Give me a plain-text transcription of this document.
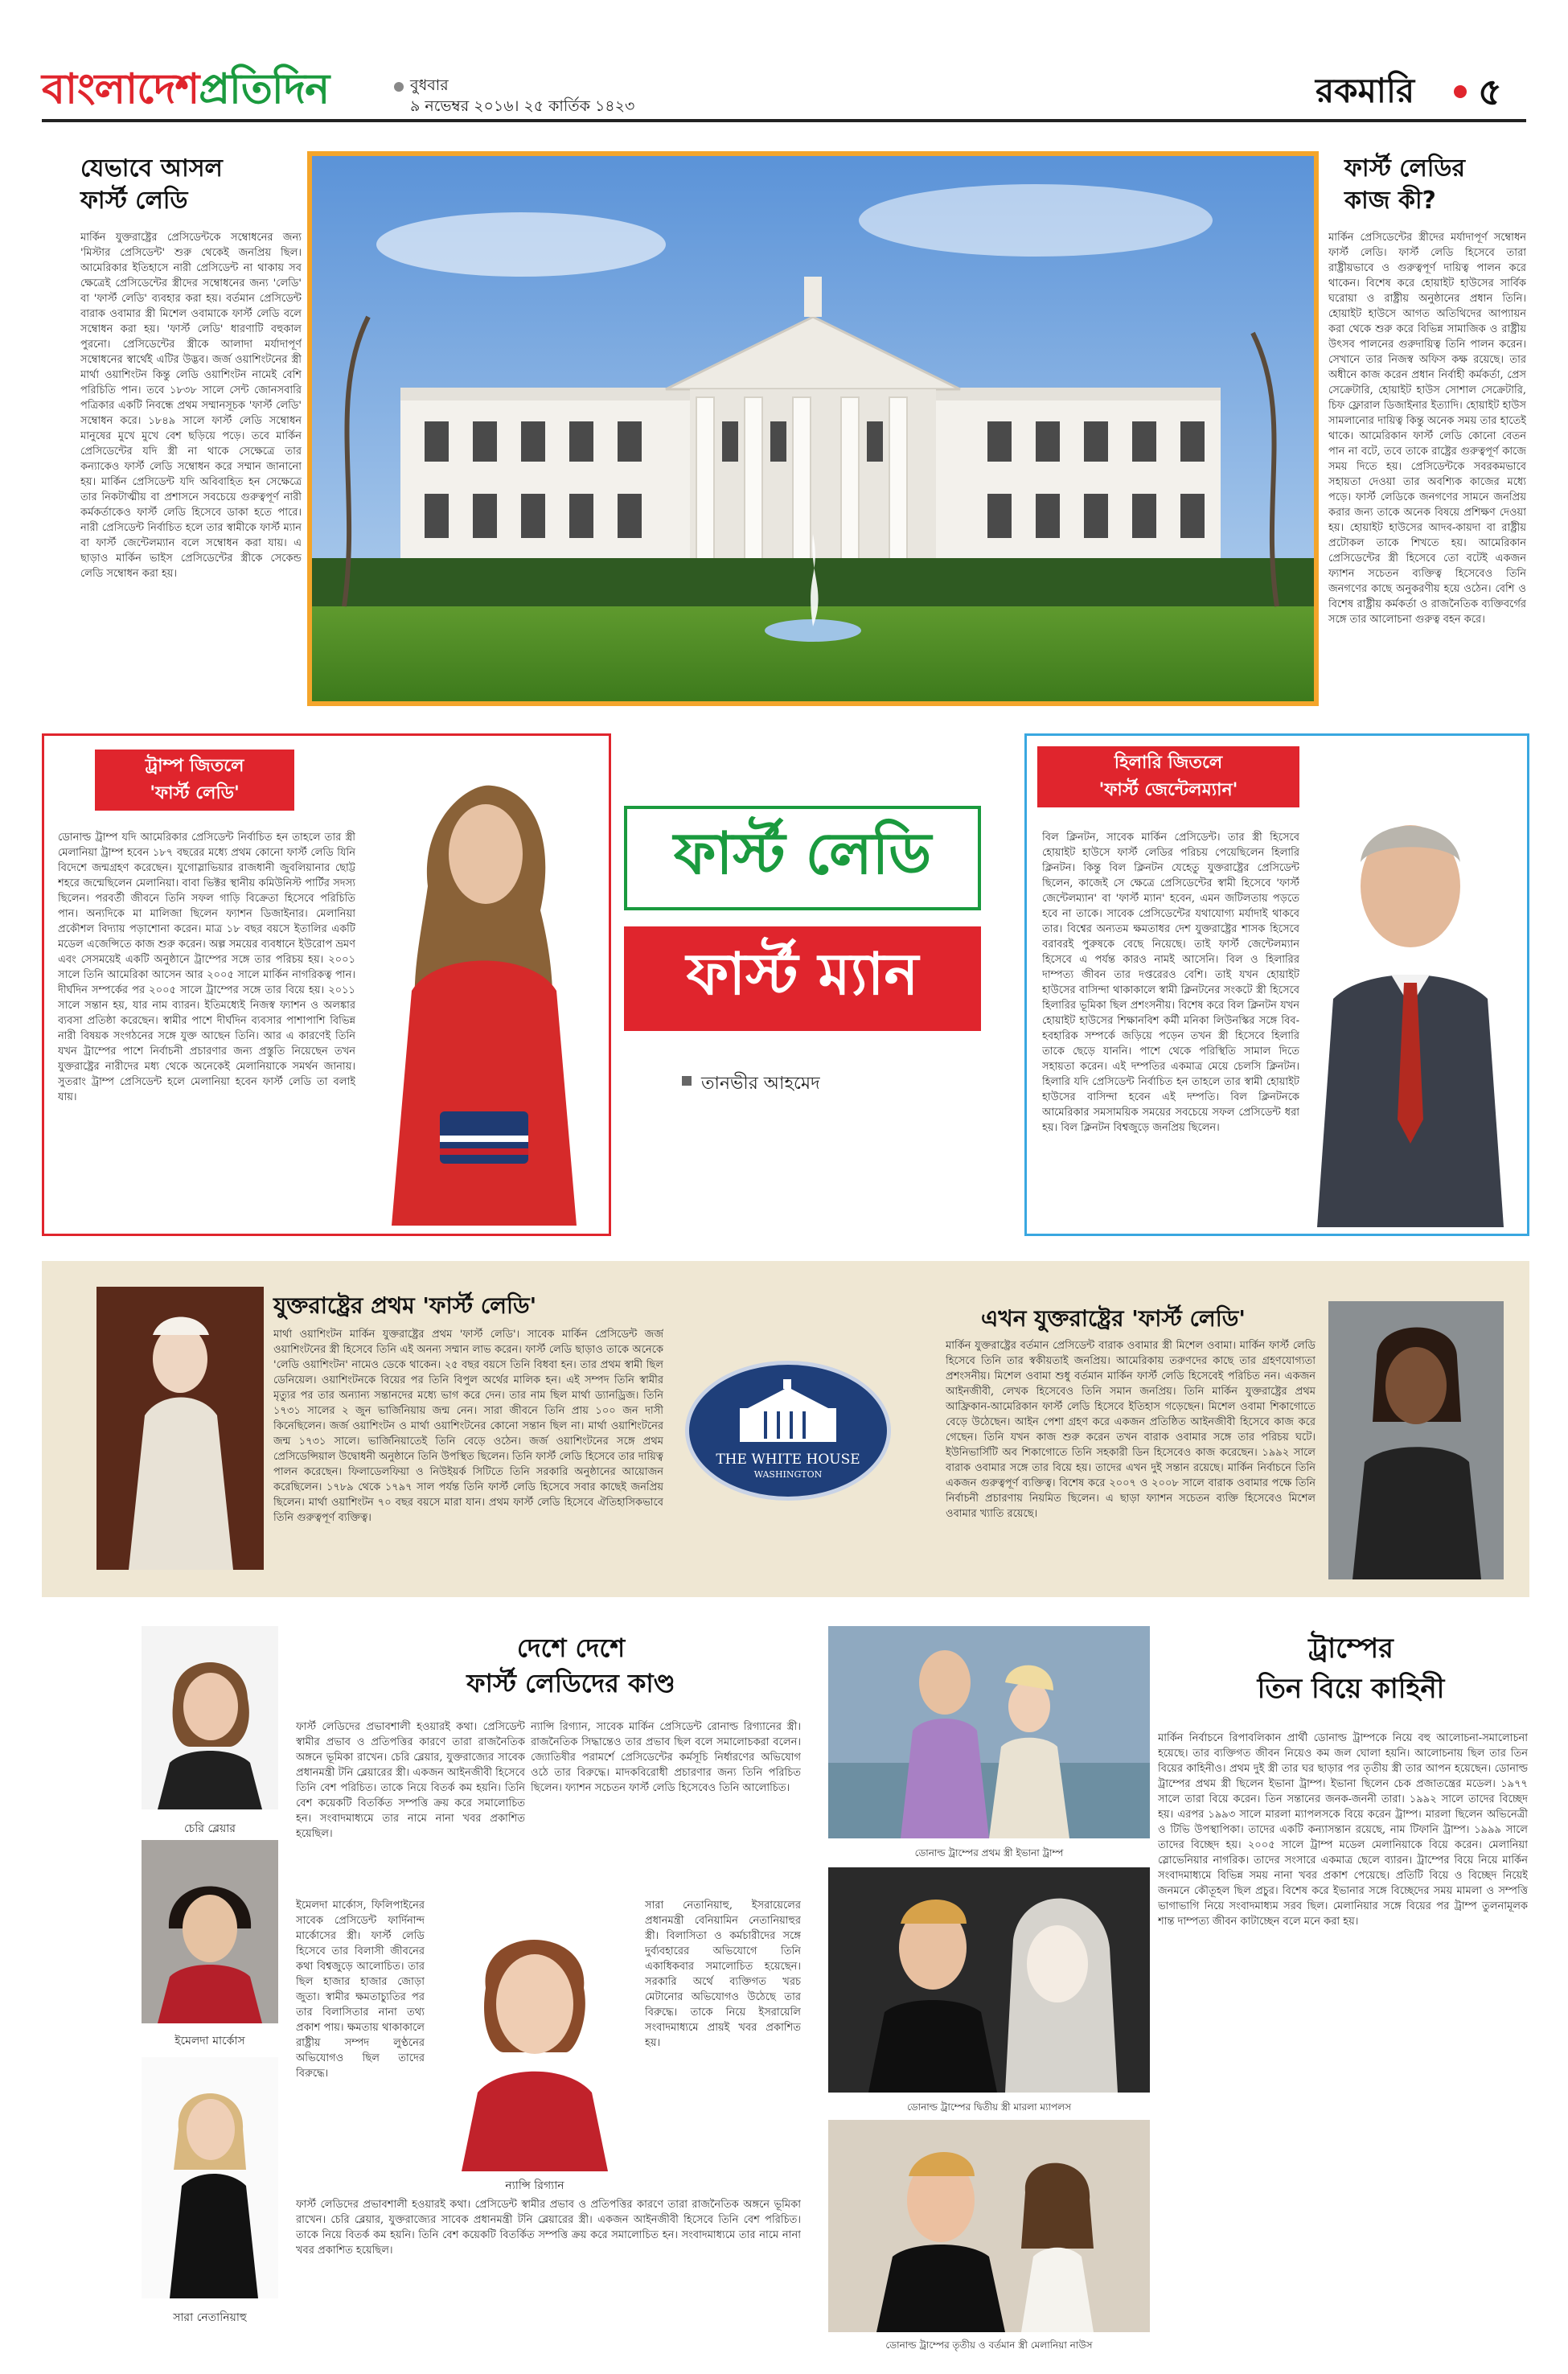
বাংলাদেশপ্রতিদিন	বুধবার
৯ নভেম্বর ২০১৬। ২৫ কার্তিক ১৪২৩	রকমারি ৫
যেভাবে আসল ফার্স্ট লেডি
মার্কিন যুক্তরাষ্ট্রের প্রেসিডেন্টকে সম্বোধনের জন্য 'মিস্টার প্রেসিডেন্ট' শুরু থেকেই জনপ্রিয় ছিল। আমেরিকার ইতিহাসে নারী প্রেসিডেন্ট না থাকায় সব ক্ষেত্রেই প্রেসিডেন্টের স্ত্রীদের সম্বোধনের জন্য 'লেডি' বা 'ফার্স্ট লেডি' ব্যবহার করা হয়। বর্তমান প্রেসিডেন্ট বারাক ওবামার স্ত্রী মিশেল ওবামাকে ফার্স্ট লেডি বলে সম্বোধন করা হয়। 'ফার্স্ট লেডি' ধারণাটি বহুকাল পুরনো। প্রেসিডেন্টের স্ত্রীকে আলাদা মর্যাদাপূর্ণ সম্বোধনের স্বার্থেই এটির উদ্ভব। জর্জ ওয়াশিংটনের স্ত্রী মার্থা ওয়াশিংটন কিন্তু লেডি ওয়াশিংটন নামেই বেশি পরিচিতি পান। তবে ১৮৩৮ সালে সেন্ট জোনসবারি পত্রিকার একটি নিবন্ধে প্রথম সম্মানসূচক 'ফার্স্ট লেডি' সম্বোধন করে। ১৮৪৯ সালে ফার্স্ট লেডি সম্বোধন মানুষের মুখে মুখে বেশ ছড়িয়ে পড়ে। তবে মার্কিন প্রেসিডেন্টের যদি স্ত্রী না থাকে সেক্ষেত্রে তার কন্যাকেও ফার্স্ট লেডি সম্বোধন করে সম্মান জানানো হয়। মার্কিন প্রেসিডেন্ট যদি অবিবাহিত হন সেক্ষেত্রে তার নিকটাত্মীয় বা প্রশাসনে সবচেয়ে গুরুত্বপূর্ণ নারী কর্মকর্তাকেও ফার্স্ট লেডি হিসেবে ডাকা হতে পারে। নারী প্রেসিডেন্ট নির্বাচিত হলে তার স্বামীকে ফার্স্ট ম্যান বা ফার্স্ট জেন্টেলম্যান বলে সম্বোধন করা যায়। এ ছাড়াও মার্কিন ভাইস প্রেসিডেন্টের স্ত্রীকে সেকেন্ড লেডি সম্বোধন করা হয়।
ফার্স্ট লেডির কাজ কী?
মার্কিন প্রেসিডেন্টের স্ত্রীদের মর্যাদাপূর্ণ সম্বোধন ফার্স্ট লেডি। ফার্স্ট লেডি হিসেবে তারা রাষ্ট্রীয়ভাবে ও গুরুত্বপূর্ণ দায়িত্ব পালন করে থাকেন। বিশেষ করে হোয়াইট হাউসের সার্বিক ঘরোয়া ও রাষ্ট্রীয় অনুষ্ঠানের প্রধান তিনি। হোয়াইট হাউসে আগত অতিথিদের আপ্যায়ন করা থেকে শুরু করে বিভিন্ন সামাজিক ও রাষ্ট্রীয় উৎসব পালনের গুরুদায়িত্ব তিনি পালন করেন। সেখানে তার নিজস্ব অফিস কক্ষ রয়েছে। তার অধীনে কাজ করেন প্রধান নির্বাহী কর্মকর্তা, প্রেস সেক্রেটারি, হোয়াইট হাউস সোশাল সেক্রেটারি, চিফ ফ্লোরাল ডিজাইনার ইত্যাদি। হোয়াইট হাউস সামলানোর দায়িত্ব কিন্তু অনেক সময় তার হাতেই থাকে। আমেরিকান ফার্স্ট লেডি কোনো বেতন পান না বটে, তবে তাকে রাষ্ট্রের গুরুত্বপূর্ণ কাজে সময় দিতে হয়। প্রেসিডেন্টকে সবরকমভাবে সহায়তা দেওয়া তার অবশ্যিক কাজের মধ্যে পড়ে। ফার্স্ট লেডিকে জনগণের সামনে জনপ্রিয় করার জন্য তাকে অনেক বিষয়ে প্রশিক্ষণ দেওয়া হয়। হোয়াইট হাউসের আদব-কায়দা বা রাষ্ট্রীয় প্রটোকল তাকে শিখতে হয়। আমেরিকান প্রেসিডেন্টের স্ত্রী হিসেবে তো বটেই একজন ফ্যাশন সচেতন ব্যক্তিত্ব হিসেবেও তিনি জনগণের কাছে অনুকরণীয় হয়ে ওঠেন। বেশি ও বিশেষ রাষ্ট্রীয় কর্মকর্তা ও রাজনৈতিক ব্যক্তিবর্গের সঙ্গে তার আলোচনা গুরুত্ব বহন করে।
ট্রাম্প জিতলে
'ফার্স্ট লেডি'
ডোনাল্ড ট্রাম্প যদি আমেরিকার প্রেসিডেন্ট নির্বাচিত হন তাহলে তার স্ত্রী মেলানিয়া ট্রাম্প হবেন ১৮৭ বছরের মধ্যে প্রথম কোনো ফার্স্ট লেডি যিনি বিদেশে জন্মগ্রহণ করেছেন। যুগোস্লাভিয়ার রাজধানী জুবলিয়ানার ছোট্ট শহরে জন্মেছিলেন মেলানিয়া। বাবা ভিক্টর স্থানীয় কমিউনিস্ট পার্টির সদস্য ছিলেন। পরবর্তী জীবনে তিনি সফল গাড়ি বিক্রেতা হিসেবে পরিচিতি পান। অন্যদিকে মা মালিজা ছিলেন ফ্যাশন ডিজাইনার। মেলানিয়া প্রকৌশল বিদ্যায় পড়াশোনা করেন। মাত্র ১৮ বছর বয়সে ইতালির একটি মডেল এজেন্সিতে কাজ শুরু করেন। অল্প সময়ের ব্যবধানে ইউরোপ ভ্রমণ এবং সেসময়েই একটি অনুষ্ঠানে ট্রাম্পের সঙ্গে তার পরিচয় হয়। ২০০১ সালে তিনি আমেরিকা আসেন আর ২০০৫ সালে মার্কিন নাগরিকত্ব পান। দীর্ঘদিন সম্পর্কের পর ২০০৫ সালে ট্রাম্পের সঙ্গে তার বিয়ে হয়। ২০১১ সালে সন্তান হয়, যার নাম ব্যারন। ইতিমধ্যেই নিজস্ব ফ্যাশন ও অলঙ্কার ব্যবসা প্রতিষ্ঠা করেছেন। স্বামীর পাশে দীর্ঘদিন ব্যবসার পাশাপাশি বিভিন্ন নারী বিষয়ক সংগঠনের সঙ্গে যুক্ত আছেন তিনি। আর এ কারণেই তিনি যখন ট্রাম্পের পাশে নির্বাচনী প্রচারণার জন্য প্রস্তুতি নিয়েছেন তখন যুক্তরাষ্ট্রের নারীদের মধ্য থেকে অনেকেই মেলানিয়াকে সমর্থন জানায়। সুতরাং ট্রাম্প প্রেসিডেন্ট হলে মেলানিয়া হবেন ফার্স্ট লেডি তা বলাই যায়।
ফার্স্ট লেডি
ফার্স্ট ম্যান
তানভীর আহমেদ
হিলারি জিতলে
'ফার্স্ট জেন্টেলম্যান'
বিল ক্লিনটন, সাবেক মার্কিন প্রেসিডেন্ট। তার স্ত্রী হিসেবে হোয়াইট হাউসে ফার্স্ট লেডির পরিচয় পেয়েছিলেন হিলারি ক্লিনটন। কিন্তু বিল ক্লিনটন যেহেতু যুক্তরাষ্ট্রের প্রেসিডেন্ট ছিলেন, কাজেই সে ক্ষেত্রে প্রেসিডেন্টের স্বামী হিসেবে 'ফার্স্ট জেন্টেলম্যান' বা 'ফার্স্ট ম্যান' হবেন, এমন জটিলতায় পড়তে হবে না তাকে। সাবেক প্রেসিডেন্টের যথাযোগ্য মর্যাদাই থাকবে তার। বিশ্বের অন্যতম ক্ষমতাধর দেশ যুক্তরাষ্ট্রের শাসক হিসেবে বরাবরই পুরুষকে বেছে নিয়েছে। তাই ফার্স্ট জেন্টেলম্যান হিসেবে এ পর্যন্ত কারও নামই আসেনি। বিল ও হিলারির দাম্পত্য জীবন তার দপ্তরেরও বেশি। তাই যখন হোয়াইট হাউসের বাসিন্দা থাকাকালে স্বামী ক্লিনটনের সংকটে স্ত্রী হিসেবে হিলারির ভূমিকা ছিল প্রশংসনীয়। বিশেষ করে বিল ক্লিনটন যখন হোয়াইট হাউসের শিক্ষানবিশ কর্মী মনিকা লিউনস্কির সঙ্গে বিব-হবহারিক সম্পর্কে জড়িয়ে পড়েন তখন স্ত্রী হিসেবে হিলারি তাকে ছেড়ে যাননি। পাশে থেকে পরিস্থিতি সামাল দিতে সহায়তা করেন। এই দম্পতির একমাত্র মেয়ে চেলসি ক্লিনটন। হিলারি যদি প্রেসিডেন্ট নির্বাচিত হন তাহলে তার স্বামী হোয়াইট হাউসের বাসিন্দা হবেন এই দম্পতি। বিল ক্লিনটনকে আমেরিকার সমসাময়িক সময়ের সবচেয়ে সফল প্রেসিডেন্ট ধরা হয়। বিল ক্লিনটন বিশ্বজুড়ে জনপ্রিয় ছিলেন।
যুক্তরাষ্ট্রের প্রথম 'ফার্স্ট লেডি'
মার্থা ওয়াশিংটন মার্কিন যুক্তরাষ্ট্রের প্রথম 'ফার্স্ট লেডি'। সাবেক মার্কিন প্রেসিডেন্ট জর্জ ওয়াশিংটনের স্ত্রী হিসেবে তিনি এই অনন্য সম্মান লাভ করেন। ফার্স্ট লেডি ছাড়াও তাকে অনেকে 'লেডি ওয়াশিংটন' নামেও ডেকে থাকেন। ২৫ বছর বয়সে তিনি বিধবা হন। তার প্রথম স্বামী ছিল ডেনিয়েল। ওয়াশিংটনকে বিয়ের পর তিনি বিপুল অর্থের মালিক হন। এই সম্পদ তিনি স্বামীর মৃত্যুর পর তার অন্যান্য সন্তানদের মধ্যে ভাগ করে দেন। তার নাম ছিল মার্থা ড্যানড্রিজ। তিনি ১৭৩১ সালের ২ জুন ভার্জিনিয়ায় জন্ম নেন। সারা জীবনে তিনি প্রায় ১০০ জন দাসী কিনেছিলেন। জর্জ ওয়াশিংটন ও মার্থা ওয়াশিংটনের কোনো সন্তান ছিল না। মার্থা ওয়াশিংটনের জন্ম ১৭৩১ সালে। ভার্জিনিয়াতেই তিনি বেড়ে ওঠেন। জর্জ ওয়াশিংটনের সঙ্গে প্রথম প্রেসিডেন্সিয়াল উদ্বোধনী অনুষ্ঠানে তিনি উপস্থিত ছিলেন। তিনি ফার্স্ট লেডি হিসেবে তার দায়িত্ব পালন করেছেন। ফিলাডেলফিয়া ও নিউইয়র্ক সিটিতে তিনি সরকারি অনুষ্ঠানের আয়োজন করেছিলেন। ১৭৮৯ থেকে ১৭৯৭ সাল পর্যন্ত তিনি ফার্স্ট লেডি হিসেবে সবার কাছেই জনপ্রিয় ছিলেন। মার্থা ওয়াশিংটন ৭০ বছর বয়সে মারা যান। প্রথম ফার্স্ট লেডি হিসেবে ঐতিহাসিকভাবে তিনি গুরুত্বপূর্ণ ব্যক্তিত্ব।
THE WHITE HOUSE
WASHINGTON
এখন যুক্তরাষ্ট্রের 'ফার্স্ট লেডি'
মার্কিন যুক্তরাষ্ট্রের বর্তমান প্রেসিডেন্ট বারাক ওবামার স্ত্রী মিশেল ওবামা। মার্কিন ফার্স্ট লেডি হিসেবে তিনি তার স্বকীয়তাই জনপ্রিয়। আমেরিকায় তরুণদের কাছে তার গ্রহণযোগ্যতা প্রশংসনীয়। মিশেল ওবামা শুধু বর্তমান মার্কিন ফার্স্ট লেডি হিসেবেই পরিচিত নন। একজন আইনজীবী, লেখক হিসেবেও তিনি সমান জনপ্রিয়। তিনি মার্কিন যুক্তরাষ্ট্রের প্রথম আফ্রিকান-আমেরিকান ফার্স্ট লেডি হিসেবে ইতিহাস গড়েছেন। মিশেল ওবামা শিকাগোতে বেড়ে উঠেছেন। আইন পেশা গ্রহণ করে একজন প্রতিষ্ঠিত আইনজীবী হিসেবে কাজ করে গেছেন। তিনি যখন কাজ শুরু করেন তখন বারাক ওবামার সঙ্গে তার পরিচয় ঘটে। ইউনিভার্সিটি অব শিকাগোতে তিনি সহকারী ডিন হিসেবেও কাজ করেছেন। ১৯৯২ সালে বারাক ওবামার সঙ্গে তার বিয়ে হয়। তাদের এখন দুই সন্তান রয়েছে। মার্কিন নির্বাচনে তিনি একজন গুরুত্বপূর্ণ ব্যক্তিত্ব। বিশেষ করে ২০০৭ ও ২০০৮ সালে বারাক ওবামার পক্ষে তিনি নির্বাচনী প্রচারণায় নিয়মিত ছিলেন। এ ছাড়া ফ্যাশন সচেতন ব্যক্তি হিসেবেও মিশেল ওবামার খ্যাতি রয়েছে।
চেরি ব্লেয়ার
ইমেলদা মার্কোস
সারা নেতানিয়াহু
দেশে দেশে
ফার্স্ট লেডিদের কাণ্ড
ফার্স্ট লেডিদের প্রভাবশালী হওয়ারই কথা। প্রেসিডেন্ট স্বামীর প্রভাব ও প্রতিপত্তির কারণে তারা রাজনৈতিক অঙ্গনে ভূমিকা রাখেন। চেরি ব্লেয়ার, যুক্তরাজ্যের সাবেক প্রধানমন্ত্রী টনি ব্লেয়ারের স্ত্রী। একজন আইনজীবী হিসেবে তিনি বেশ পরিচিত। তাকে নিয়ে বিতর্ক কম হয়নি। তিনি বেশ কয়েকটি বিতর্কিত সম্পত্তি ক্রয় করে সমালোচিত হন। সংবাদমাধ্যমে তার নামে নানা খবর প্রকাশিত হয়েছিল।
ন্যান্সি রিগ্যান, সাবেক মার্কিন প্রেসিডেন্ট রোনাল্ড রিগ্যানের স্ত্রী। রাজনৈতিক সিদ্ধান্তেও তার প্রভাব ছিল বলে সমালোচকরা বলেন। জ্যোতিষীর পরামর্শে প্রেসিডেন্টের কর্মসূচি নির্ধারণের অভিযোগ ওঠে তার বিরুদ্ধে। মাদকবিরোধী প্রচারণার জন্য তিনি পরিচিত ছিলেন। ফ্যাশন সচেতন ফার্স্ট লেডি হিসেবেও তিনি আলোচিত।
ইমেলদা মার্কোস, ফিলিপাইনের সাবেক প্রেসিডেন্ট ফার্দিনান্দ মার্কোসের স্ত্রী। ফার্স্ট লেডি হিসেবে তার বিলাসী জীবনের কথা বিশ্বজুড়ে আলোচিত। তার ছিল হাজার হাজার জোড়া জুতা। স্বামীর ক্ষমতাচ্যুতির পর তার বিলাসিতার নানা তথ্য প্রকাশ পায়। ক্ষমতায় থাকাকালে রাষ্ট্রীয় সম্পদ লুণ্ঠনের অভিযোগও ছিল তাদের বিরুদ্ধে।
ন্যান্সি রিগ্যান
সারা নেতানিয়াহু, ইসরায়েলের প্রধানমন্ত্রী বেনিয়ামিন নেতানিয়াহুর স্ত্রী। বিলাসিতা ও কর্মচারীদের সঙ্গে দুর্ব্যবহারের অভিযোগে তিনি একাধিকবার সমালোচিত হয়েছেন। সরকারি অর্থে ব্যক্তিগত খরচ মেটানোর অভিযোগও উঠেছে তার বিরুদ্ধে। তাকে নিয়ে ইসরায়েলি সংবাদমাধ্যমে প্রায়ই খবর প্রকাশিত হয়।
ফার্স্ট লেডিদের প্রভাবশালী হওয়ারই কথা। প্রেসিডেন্ট স্বামীর প্রভাব ও প্রতিপত্তির কারণে তারা রাজনৈতিক অঙ্গনে ভূমিকা রাখেন। চেরি ব্লেয়ার, যুক্তরাজ্যের সাবেক প্রধানমন্ত্রী টনি ব্লেয়ারের স্ত্রী। একজন আইনজীবী হিসেবে তিনি বেশ পরিচিত। তাকে নিয়ে বিতর্ক কম হয়নি। তিনি বেশ কয়েকটি বিতর্কিত সম্পত্তি ক্রয় করে সমালোচিত হন। সংবাদমাধ্যমে তার নামে নানা খবর প্রকাশিত হয়েছিল।
ট্রাম্পের
তিন বিয়ে কাহিনী
মার্কিন নির্বাচনে রিপাবলিকান প্রার্থী ডোনাল্ড ট্রাম্পকে নিয়ে বহু আলোচনা-সমালোচনা হয়েছে। তার ব্যক্তিগত জীবন নিয়েও কম জল ঘোলা হয়নি। আলোচনায় ছিল তার তিন বিয়ের কাহিনীও। প্রথম দুই স্ত্রী তার ঘর ছাড়ার পর তৃতীয় স্ত্রী তার আপন হয়েছেন। ডোনাল্ড ট্রাম্পের প্রথম স্ত্রী ছিলেন ইভানা ট্রাম্প। ইভানা ছিলেন চেক প্রজাতন্ত্রের মডেল। ১৯৭৭ সালে তারা বিয়ে করেন। তিন সন্তানের জনক-জননী তারা। ১৯৯২ সালে তাদের বিচ্ছেদ হয়। এরপর ১৯৯৩ সালে মারলা ম্যাপলসকে বিয়ে করেন ট্রাম্প। মারলা ছিলেন অভিনেত্রী ও টিভি উপস্থাপিকা। তাদের একটি কন্যাসন্তান রয়েছে, নাম টিফানি ট্রাম্প। ১৯৯৯ সালে তাদের বিচ্ছেদ হয়। ২০০৫ সালে ট্রাম্প মডেল মেলানিয়াকে বিয়ে করেন। মেলানিয়া স্লোভেনিয়ার নাগরিক। তাদের সংসারে একমাত্র ছেলে ব্যারন। ট্রাম্পের বিয়ে নিয়ে মার্কিন সংবাদমাধ্যমে বিভিন্ন সময় নানা খবর প্রকাশ পেয়েছে। প্রতিটি বিয়ে ও বিচ্ছেদ নিয়েই জনমনে কৌতূহল ছিল প্রচুর। বিশেষ করে ইভানার সঙ্গে বিচ্ছেদের সময় মামলা ও সম্পত্তি ভাগাভাগি নিয়ে সংবাদমাধ্যম সরব ছিল। মেলানিয়ার সঙ্গে বিয়ের পর ট্রাম্প তুলনামূলক শান্ত দাম্পত্য জীবন কাটাচ্ছেন বলে মনে করা হয়।
ডোনাল্ড ট্রাম্পের প্রথম স্ত্রী ইভানা ট্রাম্প
ডোনাল্ড ট্রাম্পের দ্বিতীয় স্ত্রী মারলা ম্যাপলস
ডোনাল্ড ট্রাম্পের তৃতীয় ও বর্তমান স্ত্রী মেলানিয়া নাউস
